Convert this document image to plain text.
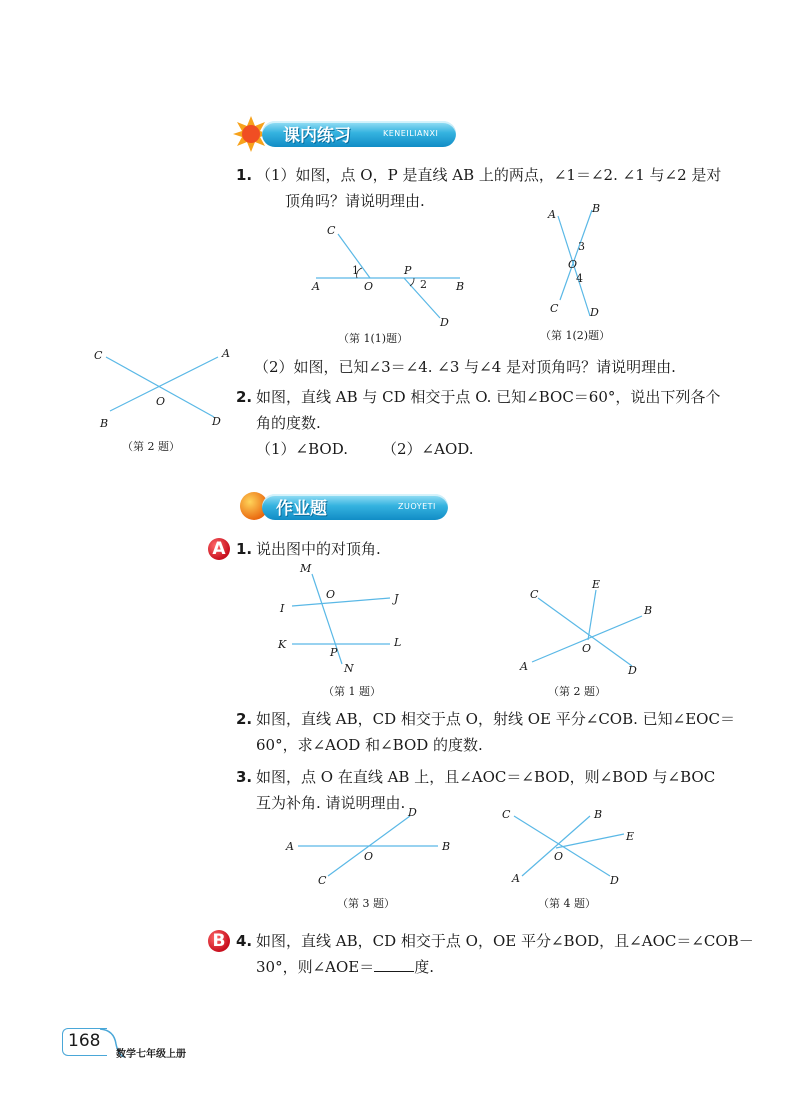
课内练习	KENEILIANXI
1. （1）如图，点 O，P 是直线 AB 上的两点，∠1＝∠2. ∠1 与∠2 是对
顶角吗？请说明理由.
C
1	P
2
A	O	B
D
（第 1(1)题）
A	B
3
O
4
C	D
（第 1(2)题）
（2）如图，已知∠3＝∠4. ∠3 与∠4 是对顶角吗？请说明理由.
C	A
O
B	D
（第 2 题）
2. 如图，直线 AB 与 CD 相交于点 O. 已知∠BOC＝60°，说出下列各个
角的度数.
（1）∠BOD. （2）∠AOD.
作业题	ZUOYETI
A 1. 说出图中的对顶角.
M
O	J
I
K	L
P
N
（第 1 题）
C
E
B
O
A	D
（第 2 题）
2. 如图，直线 AB，CD 相交于点 O，射线 OE 平分∠COB. 已知∠EOC＝
60°，求∠AOD 和∠BOD 的度数.
3. 如图，点 O 在直线 AB 上，且∠AOC＝∠BOD，则∠BOD 与∠BOC
互为补角. 请说明理由.
D
A	B
O
C
（第 3 题）
C	B
E
O
A	D
（第 4 题）
B 4. 如图，直线 AB，CD 相交于点 O，OE 平分∠BOD，且∠AOC＝∠COB－
30°，则∠AOE＝	度.
168
数学七年级上册
